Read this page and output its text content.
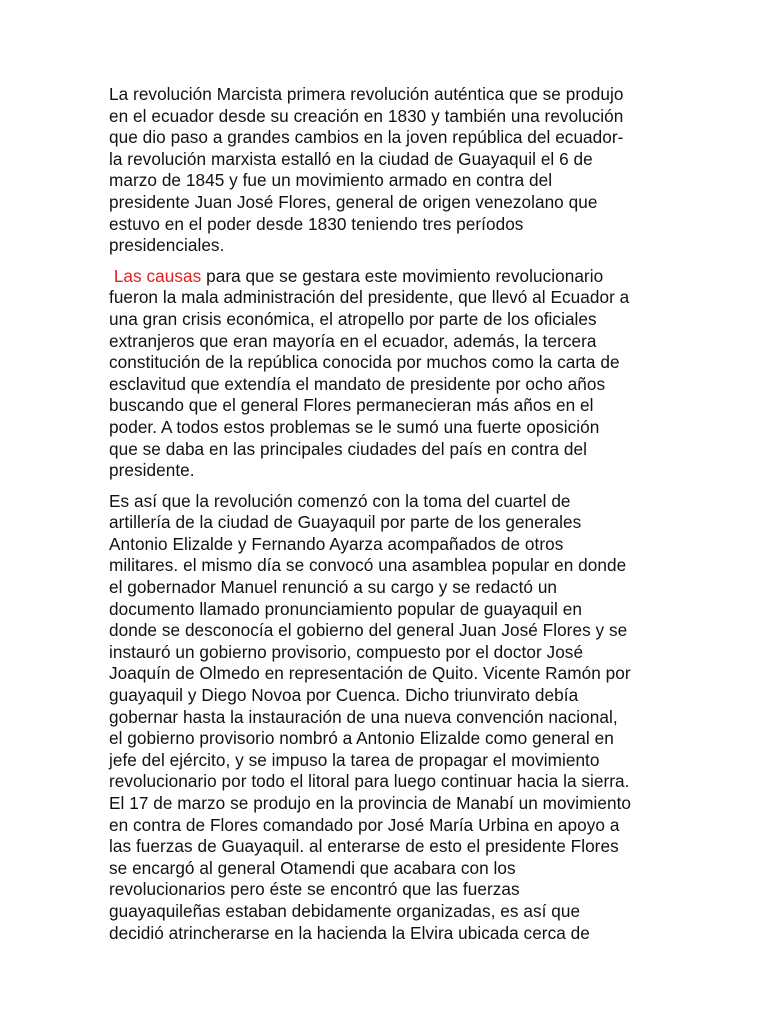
La revolución Marcista primera revolución auténtica que se produjo
en el ecuador desde su creación en 1830 y también una revolución
que dio paso a grandes cambios en la joven república del ecuador-
la revolución marxista estalló en la ciudad de Guayaquil el 6 de
marzo de 1845 y fue un movimiento armado en contra del
presidente Juan José Flores, general de origen venezolano que
estuvo en el poder desde 1830 teniendo tres períodos
presidenciales.

Las causas para que se gestara este movimiento revolucionario
fueron la mala administración del presidente, que llevó al Ecuador a
una gran crisis económica, el atropello por parte de los oficiales
extranjeros que eran mayoría en el ecuador, además, la tercera
constitución de la república conocida por muchos como la carta de
esclavitud que extendía el mandato de presidente por ocho años
buscando que el general Flores permanecieran más años en el
poder. A todos estos problemas se le sumó una fuerte oposición
que se daba en las principales ciudades del país en contra del
presidente.

Es así que la revolución comenzó con la toma del cuartel de
artillería de la ciudad de Guayaquil por parte de los generales
Antonio Elizalde y Fernando Ayarza acompañados de otros
militares. el mismo día se convocó una asamblea popular en donde
el gobernador Manuel renunció a su cargo y se redactó un
documento llamado pronunciamiento popular de guayaquil en
donde se desconocía el gobierno del general Juan José Flores y se
instauró un gobierno provisorio, compuesto por el doctor José
Joaquín de Olmedo en representación de Quito. Vicente Ramón por
guayaquil y Diego Novoa por Cuenca. Dicho triunvirato debía
gobernar hasta la instauración de una nueva convención nacional,
el gobierno provisorio nombró a Antonio Elizalde como general en
jefe del ejército, y se impuso la tarea de propagar el movimiento
revolucionario por todo el litoral para luego continuar hacia la sierra.
El 17 de marzo se produjo en la provincia de Manabí un movimiento
en contra de Flores comandado por José María Urbina en apoyo a
las fuerzas de Guayaquil. al enterarse de esto el presidente Flores
se encargó al general Otamendi que acabara con los
revolucionarios pero éste se encontró que las fuerzas
guayaquileñas estaban debidamente organizadas, es así que
decidió atrincherarse en la hacienda la Elvira ubicada cerca de
